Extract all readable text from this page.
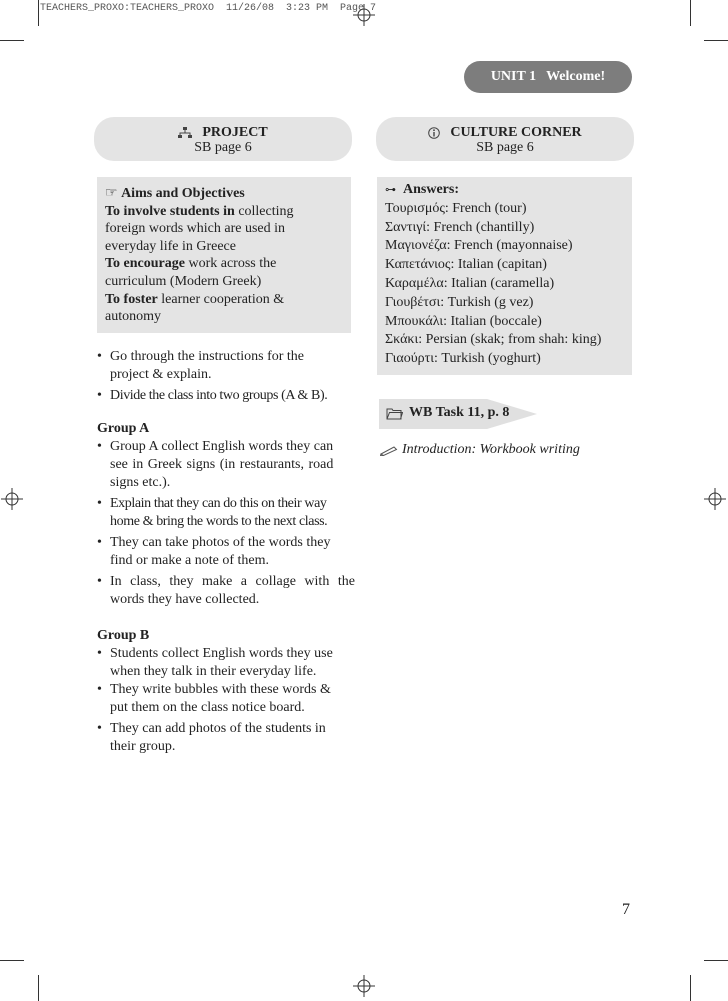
TEACHERS_PROXO:TEACHERS_PROXO  11/26/08  3:23 PM  Page 7
UNIT 1 Welcome!
PROJECT
SB page 6
CULTURE CORNER
SB page 6
☞ Aims and Objectives
To involve students in collecting
foreign words which are used in
everyday life in Greece
To encourage work across the
curriculum (Modern Greek)
To foster learner cooperation &
autonomy
⊶ Answers:
Τουρισμός: French (tour)
Σαντιγί: French (chantilly)
Μαγιονέζα: French (mayonnaise)
Καπετάνιος: Italian (capitan)
Καραμέλα: Italian (caramella)
Γιουβέτσι: Turkish (g vez)
Μπουκάλι: Italian (boccale)
Σκάκι: Persian (skak; from shah: king)
Γιαούρτι: Turkish (yoghurt)
• Go through the instructions for the
project & explain.
• Divide the class into two groups (A & B).
Group A
• Group A collect English words they can
see in Greek signs (in restaurants, road
signs etc.).
• Explain that they can do this on their way
home & bring the words to the next class.
• They can take photos of the words they
find or make a note of them.
• In class, they make a collage with the
words they have collected.
Group B
• Students collect English words they use
when they talk in their everyday life.
• They write bubbles with these words &
put them on the class notice board.
• They can add photos of the students in
their group.
WB Task 11, p. 8
Introduction: Workbook writing
7
